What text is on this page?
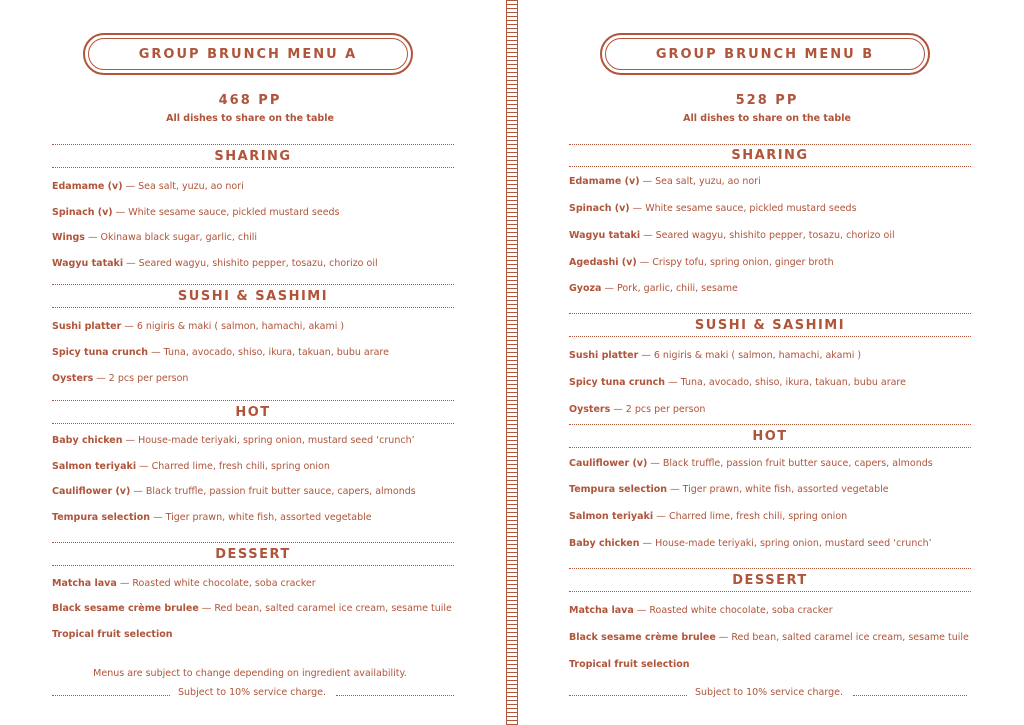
GROUP BRUNCH MENU A
468 PP
All dishes to share on the table
SHARING
Edamame (v) — Sea salt, yuzu, ao nori
Spinach (v) — White sesame sauce, pickled mustard seeds
Wings — Okinawa black sugar, garlic, chili
Wagyu tataki — Seared wagyu, shishito pepper, tosazu, chorizo oil
SUSHI & SASHIMI
Sushi platter — 6 nigiris & maki ( salmon, hamachi, akami )
Spicy tuna crunch — Tuna, avocado, shiso, ikura, takuan, bubu arare
Oysters — 2 pcs per person
HOT
Baby chicken — House-made teriyaki, spring onion, mustard seed ‘crunch’
Salmon teriyaki — Charred lime, fresh chili, spring onion
Cauliflower (v) — Black truffle, passion fruit butter sauce, capers, almonds
Tempura selection — Tiger prawn, white fish, assorted vegetable
DESSERT
Matcha lava — Roasted white chocolate, soba cracker
Black sesame crème brulee — Red bean, salted caramel ice cream, sesame tuile
Tropical fruit selection
Menus are subject to change depending on ingredient availability.
Subject to 10% service charge.
GROUP BRUNCH MENU B
528 PP
All dishes to share on the table
SHARING
Edamame (v) — Sea salt, yuzu, ao nori
Spinach (v) — White sesame sauce, pickled mustard seeds
Wagyu tataki — Seared wagyu, shishito pepper, tosazu, chorizo oil
Agedashi (v) — Crispy tofu, spring onion, ginger broth
Gyoza — Pork, garlic, chili, sesame
SUSHI & SASHIMI
Sushi platter — 6 nigiris & maki ( salmon, hamachi, akami )
Spicy tuna crunch — Tuna, avocado, shiso, ikura, takuan, bubu arare
Oysters — 2 pcs per person
HOT
Cauliflower (v) — Black truffle, passion fruit butter sauce, capers, almonds
Tempura selection — Tiger prawn, white fish, assorted vegetable
Salmon teriyaki — Charred lime, fresh chili, spring onion
Baby chicken — House-made teriyaki, spring onion, mustard seed ‘crunch’
DESSERT
Matcha lava — Roasted white chocolate, soba cracker
Black sesame crème brulee — Red bean, salted caramel ice cream, sesame tuile
Tropical fruit selection
Subject to 10% service charge.
